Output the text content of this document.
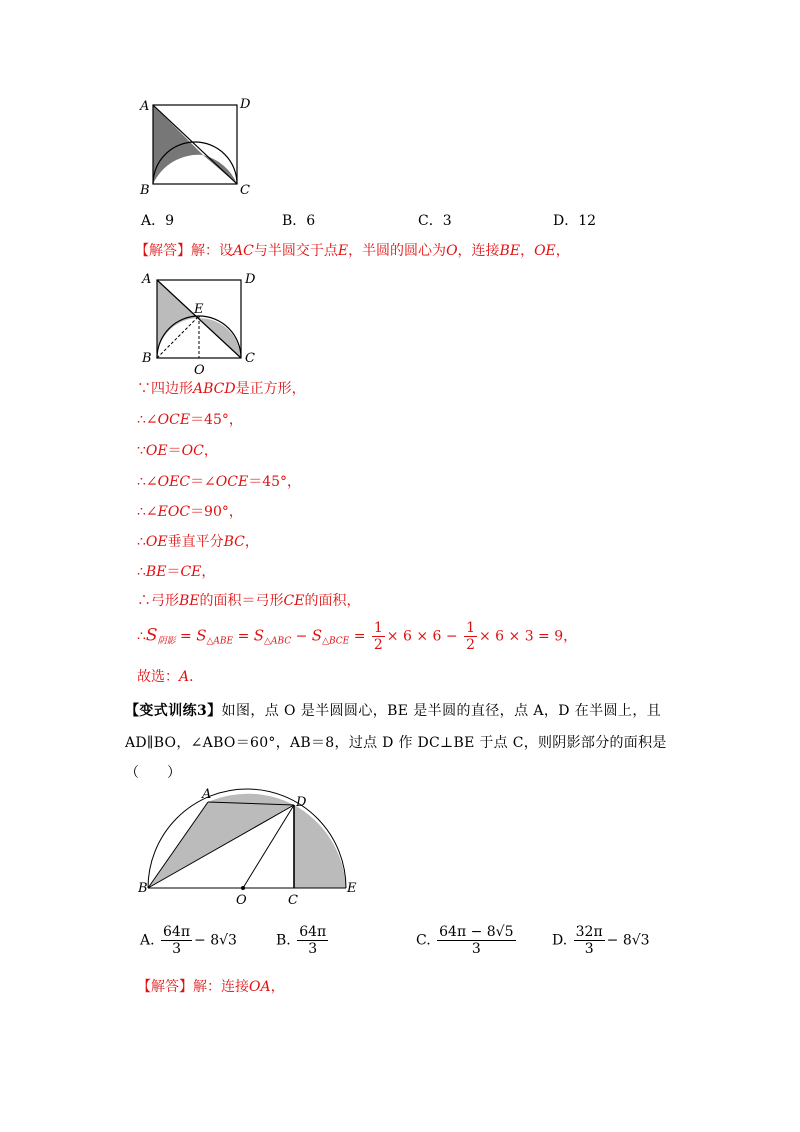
A	D
B	C
A．9	B．6	C．3	D．12
【解答】解：设AC与半圆交于点E，半圆的圆心为O，连接BE，OE，
A	D
E
B	C
O
∵四边形ABCD是正方形，
∴∠OCE＝45°，
∵OE＝OC，
∴∠OEC＝∠OCE＝45°，
∴∠EOC＝90°，
∴OE垂直平分BC，
∴BE＝CE，
∴弓形BE的面积＝弓形CE的面积，
$\therefore S_{阴影} = S_{\triangle ABE} = S_{\triangle ABC} - S_{\triangle BCE} = \frac{1}{2} \times 6 \times 6 - \frac{1}{2} \times 6 \times 3 = 9$，
故选：A．
【变式训练3】如图，点 O 是半圆圆心，BE 是半圆的直径，点 A，D 在半圆上，且
AD∥BO，∠ABO＝60°，AB＝8，过点 D 作 DC⊥BE 于点 C，则阴影部分的面积是
（　　）
A
D
B
O	C
E
A. $\frac{64\pi}{3} - 8√3$	B. $\frac{64\pi}{3}$	C. $\frac{64\pi - 8√5}{3}$	D. $\frac{32\pi}{3} - 8√3$
【解答】解：连接OA，
